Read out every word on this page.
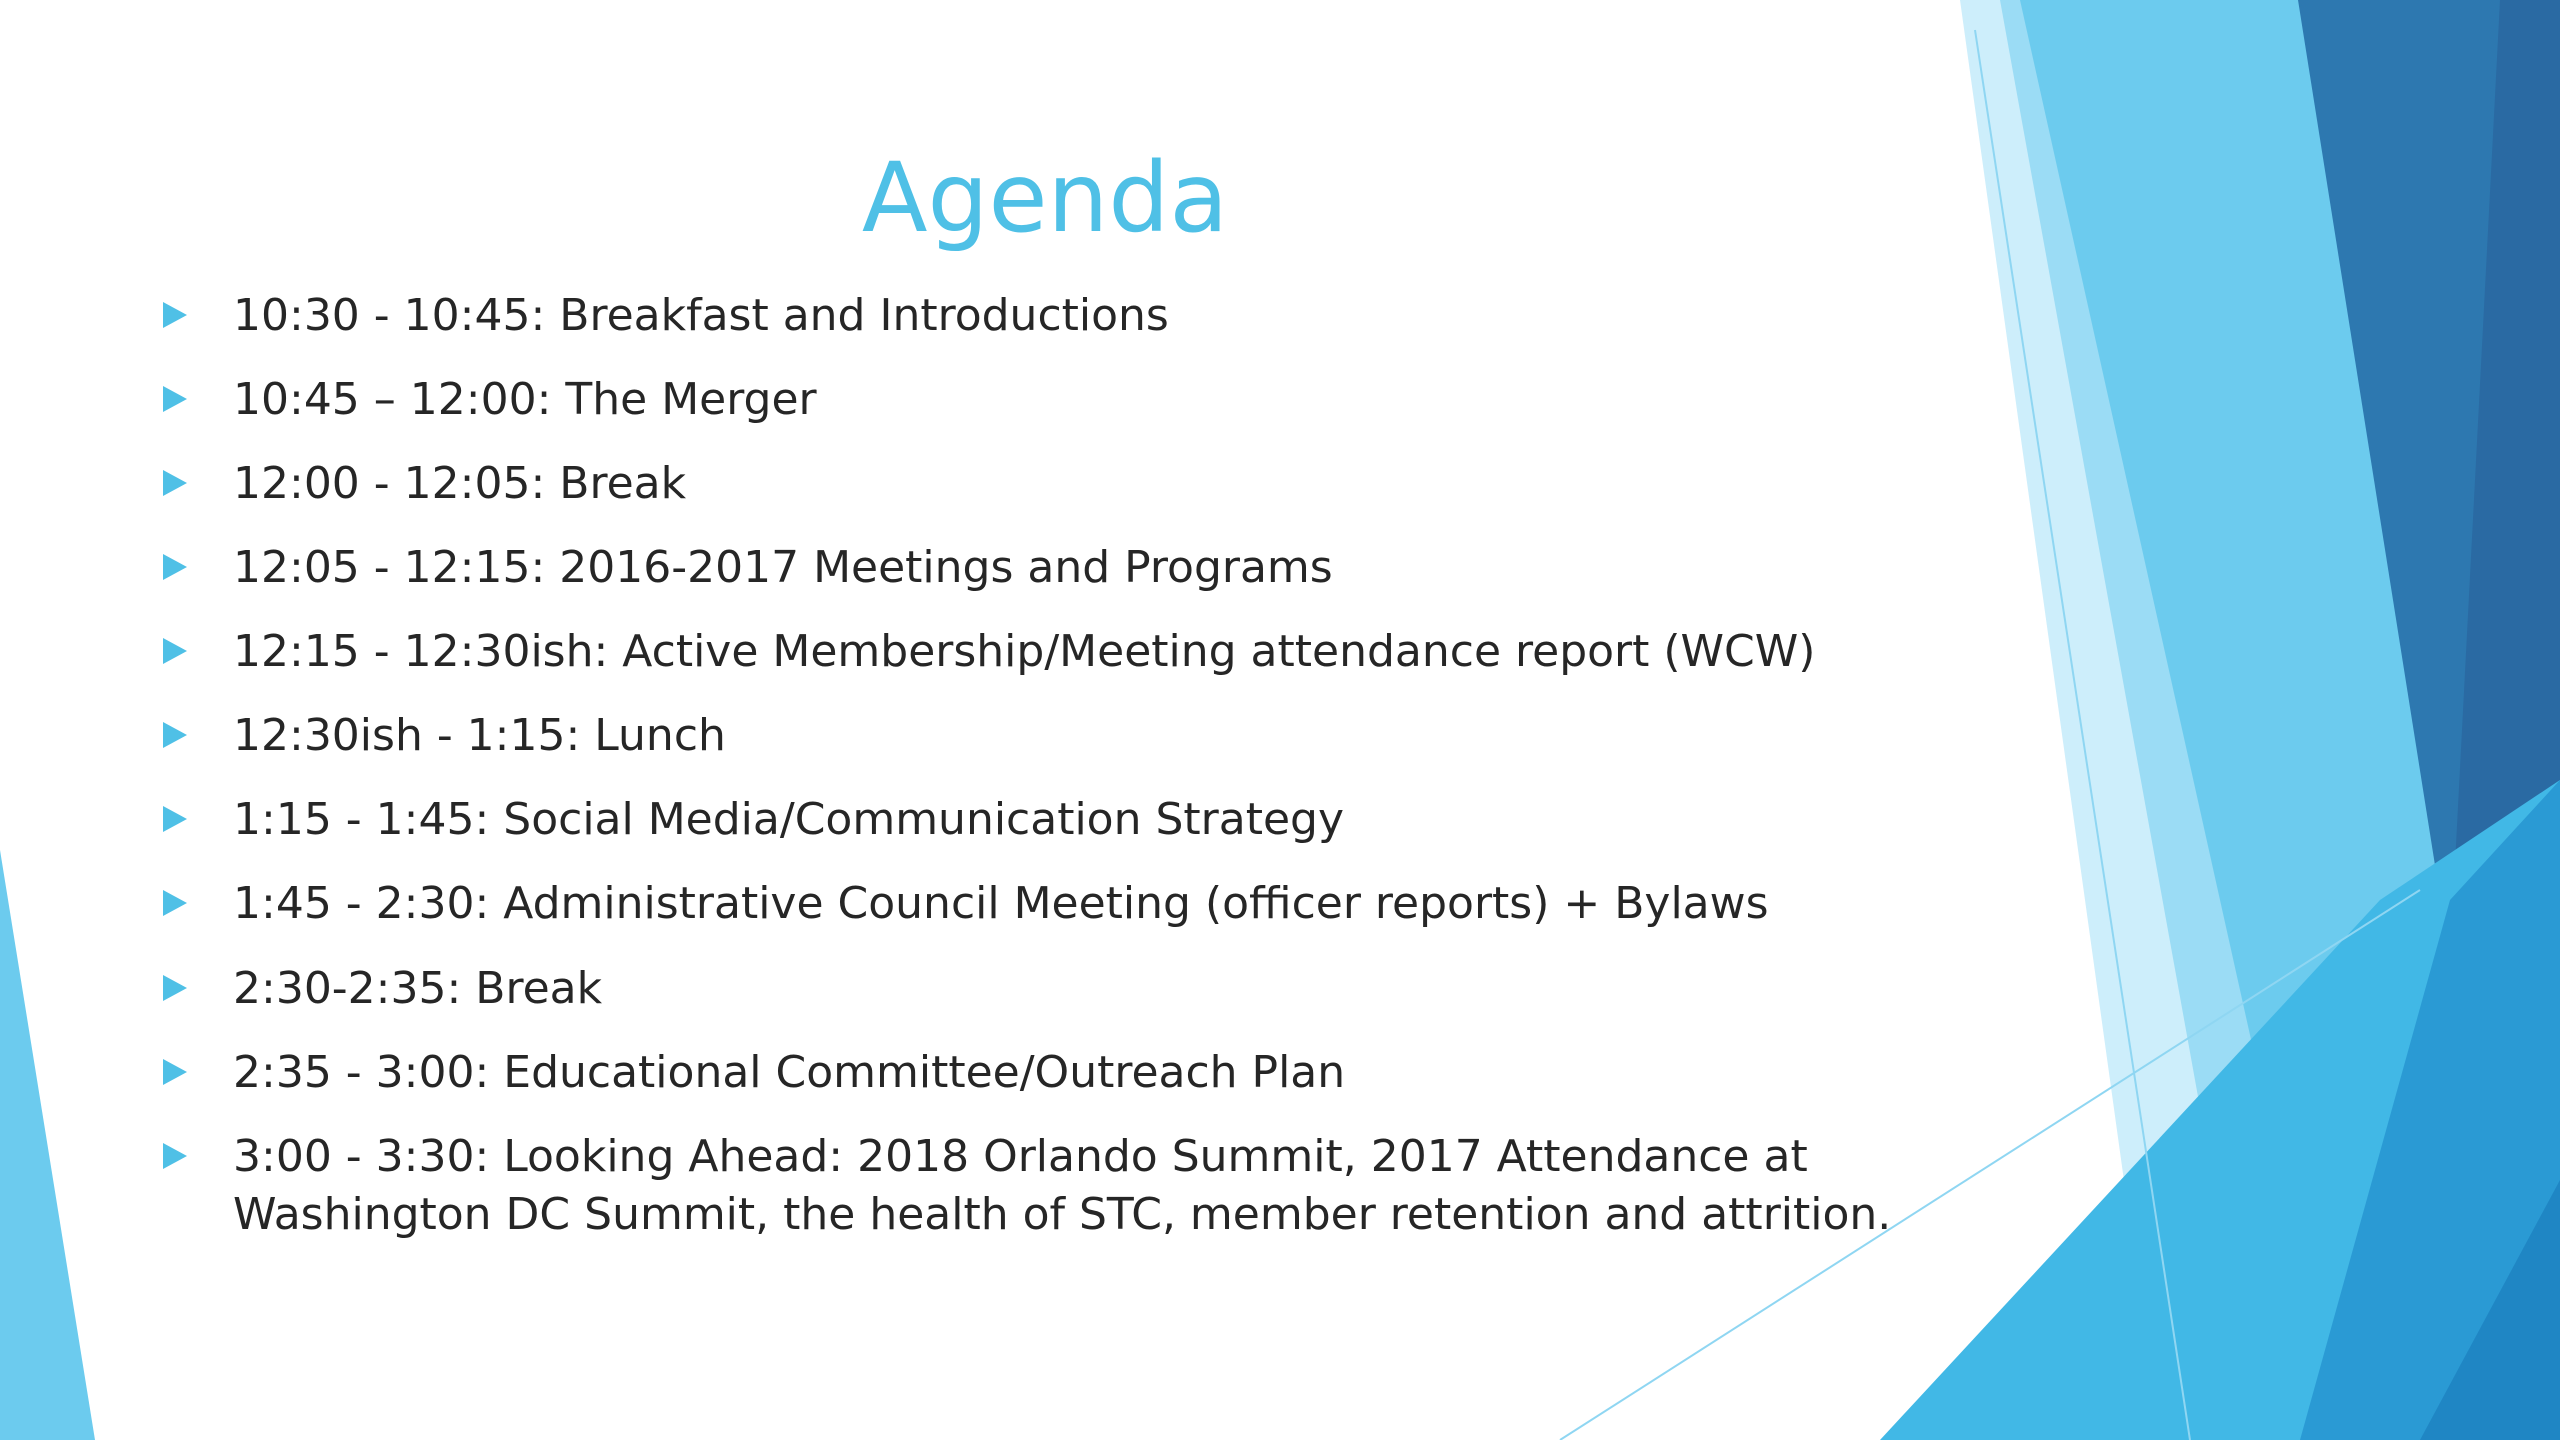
Agenda
10:30 - 10:45: Breakfast and Introductions
10:45 – 12:00: The Merger
12:00 - 12:05: Break
12:05 - 12:15: 2016-2017 Meetings and Programs
12:15 - 12:30ish: Active Membership/Meeting attendance report (WCW)
12:30ish - 1:15: Lunch
1:15 - 1:45: Social Media/Communication Strategy
1:45 - 2:30: Administrative Council Meeting (officer reports) + Bylaws
2:30-2:35: Break
2:35 - 3:00: Educational Committee/Outreach Plan
3:00 - 3:30: Looking Ahead: 2018 Orlando Summit, 2017 Attendance at
Washington DC Summit, the health of STC, member retention and attrition.
